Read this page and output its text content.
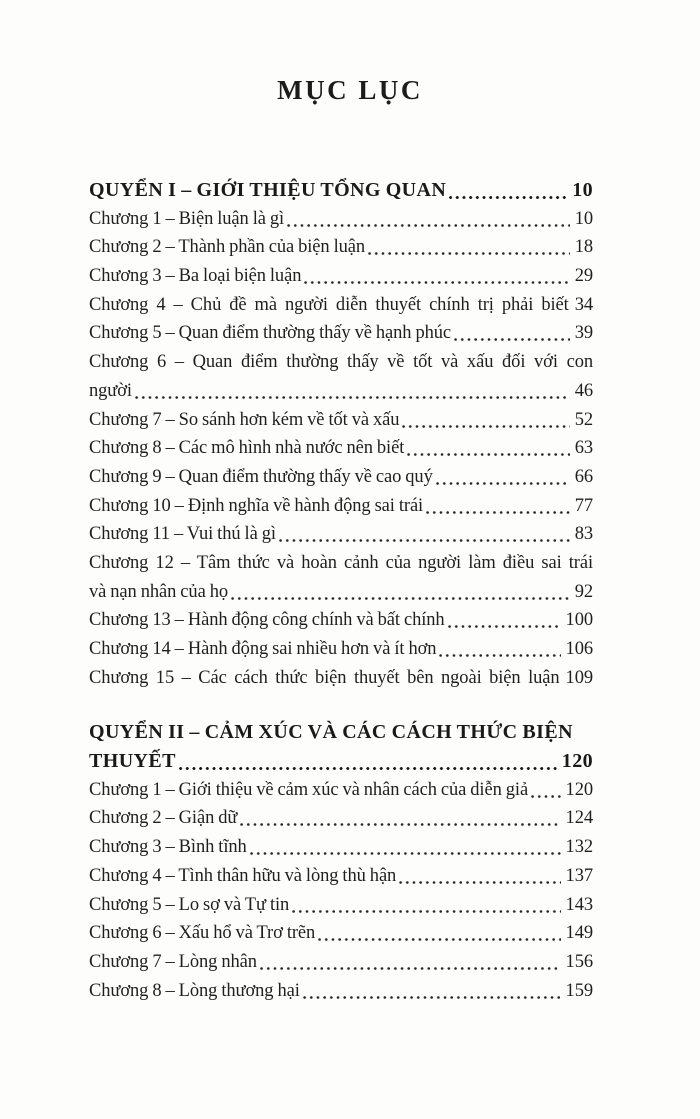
MỤC LỤC
QUYỂN I – GIỚI THIỆU TỔNG QUAN	10
Chương 1 – Biện luận là gì	10
Chương 2 – Thành phần của biện luận	18
Chương 3 – Ba loại biện luận	29
Chương 4 – Chủ đề mà người diễn thuyết chính trị phải biết 34
Chương 5 – Quan điểm thường thấy về hạnh phúc	39
Chương 6 – Quan điểm thường thấy về tốt và xấu đối với con
người	46
Chương 7 – So sánh hơn kém về tốt và xấu	52
Chương 8 – Các mô hình nhà nước nên biết	63
Chương 9 – Quan điểm thường thấy về cao quý	66
Chương 10 – Định nghĩa về hành động sai trái	77
Chương 11 – Vui thú là gì	83
Chương 12 – Tâm thức và hoàn cảnh của người làm điều sai trái
và nạn nhân của họ	92
Chương 13 – Hành động công chính và bất chính	100
Chương 14 – Hành động sai nhiều hơn và ít hơn	106
Chương 15 – Các cách thức biện thuyết bên ngoài biện luận 109
QUYỂN II – CẢM XÚC VÀ CÁC CÁCH THỨC BIỆN
THUYẾT	120
Chương 1 – Giới thiệu về cảm xúc và nhân cách của diễn giả 120
Chương 2 – Giận dữ	124
Chương 3 – Bình tĩnh	132
Chương 4 – Tình thân hữu và lòng thù hận	137
Chương 5 – Lo sợ và Tự tin	143
Chương 6 – Xấu hổ và Trơ trẽn	149
Chương 7 – Lòng nhân	156
Chương 8 – Lòng thương hại	159
